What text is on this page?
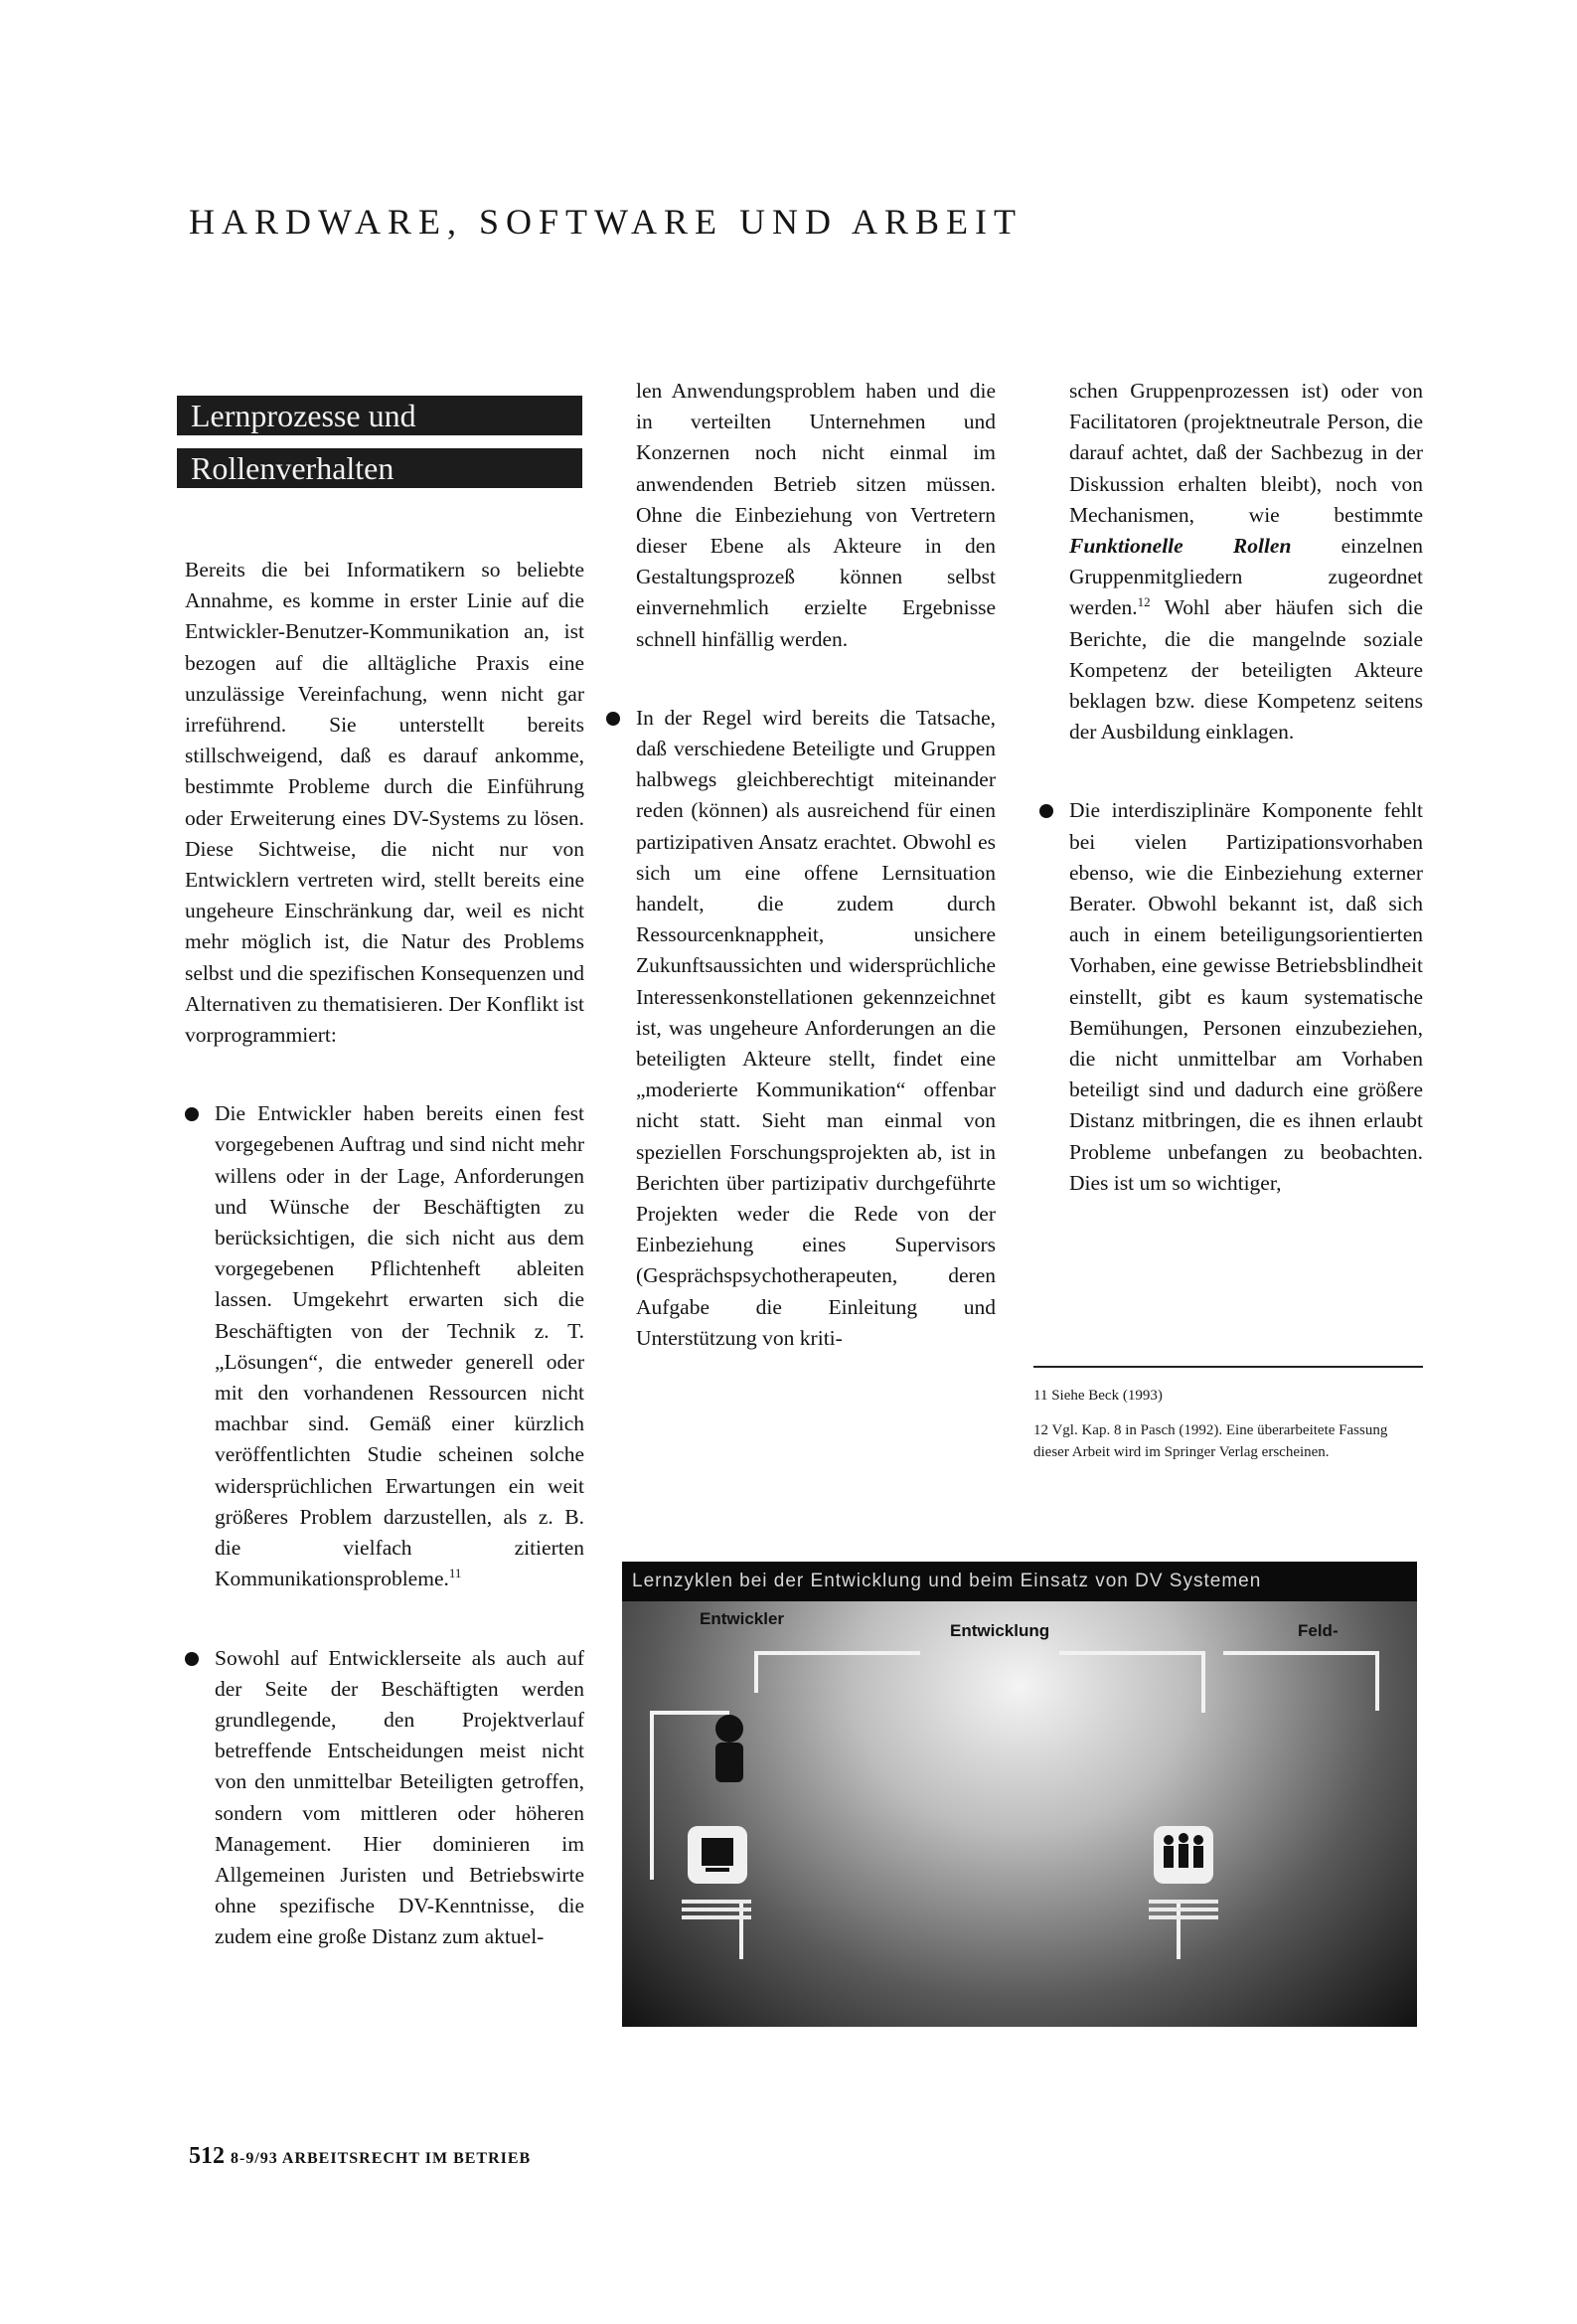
HARDWARE, SOFTWARE UND ARBEIT
Lernprozesse und
Rollenverhalten

Bereits die bei Informatikern so beliebte Annahme, es komme in erster Linie auf die Entwickler-Benutzer-Kommunikation an, ist bezogen auf die alltägliche Praxis eine unzulässige Vereinfachung, wenn nicht gar irreführend. Sie unterstellt bereits stillschweigend, daß es darauf ankomme, bestimmte Probleme durch die Einführung oder Erweiterung eines DV-Systems zu lösen. Diese Sichtweise, die nicht nur von Entwicklern vertreten wird, stellt bereits eine ungeheure Einschränkung dar, weil es nicht mehr möglich ist, die Natur des Problems selbst und die spezifischen Konsequenzen und Alternativen zu thematisieren. Der Konflikt ist vorprogrammiert:

Die Entwickler haben bereits einen fest vorgegebenen Auftrag und sind nicht mehr willens oder in der Lage, Anforderungen und Wünsche der Beschäftigten zu berücksichtigen, die sich nicht aus dem vorgegebenen Pflichtenheft ableiten lassen. Umgekehrt erwarten sich die Beschäftigten von der Technik z. T. „Lösungen“, die entweder generell oder mit den vorhandenen Ressourcen nicht machbar sind. Gemäß einer kürzlich veröffentlichten Studie scheinen solche widersprüchlichen Erwartungen ein weit größeres Problem darzustellen, als z. B. die vielfach zitierten Kommunikationsprobleme.$^{11}$
Sowohl auf Entwicklerseite als auch auf der Seite der Beschäftigten werden grundlegende, den Projektverlauf betreffende Entscheidungen meist nicht von den unmittelbar Beteiligten getroffen, sondern vom mittleren oder höheren Management. Hier dominieren im Allgemeinen Juristen und Betriebswirte ohne spezifische DV-Kenntnisse, die zudem eine große Distanz zum aktuel-

len Anwendungsproblem haben und die in verteilten Unternehmen und Konzernen noch nicht einmal im anwendenden Betrieb sitzen müssen. Ohne die Einbeziehung von Vertretern dieser Ebene als Akteure in den Gestaltungsprozeß können selbst einvernehmlich erzielte Ergebnisse schnell hinfällig werden.

In der Regel wird bereits die Tatsache, daß verschiedene Beteiligte und Gruppen halbwegs gleichberechtigt miteinander reden (können) als ausreichend für einen partizipativen Ansatz erachtet. Obwohl es sich um eine offene Lernsituation handelt, die zudem durch Ressourcenknappheit, unsichere Zukunftsaussichten und widersprüchliche Interessenkonstellationen gekennzeichnet ist, was ungeheure Anforderungen an die beteiligten Akteure stellt, findet eine „moderierte Kommunikation“ offenbar nicht statt. Sieht man einmal von speziellen Forschungsprojekten ab, ist in Berichten über partizipativ durchgeführte Projekten weder die Rede von der Einbeziehung eines Supervisors (Gesprächspsychotherapeuten, deren Aufgabe die Einleitung und Unterstützung von kriti-

schen Gruppenprozessen ist) oder von Facilitatoren (projektneutrale Person, die darauf achtet, daß der Sachbezug in der Diskussion erhalten bleibt), noch von Mechanismen, wie bestimmte Funktionelle Rollen einzelnen Gruppenmitgliedern zugeordnet werden.$^{12}$ Wohl aber häufen sich die Berichte, die die mangelnde soziale Kompetenz der beteiligten Akteure beklagen bzw. diese Kompetenz seitens der Ausbildung einklagen.

Die interdisziplinäre Komponente fehlt bei vielen Partizipationsvorhaben ebenso, wie die Einbeziehung externer Berater. Obwohl bekannt ist, daß sich auch in einem beteiligungsorientierten Vorhaben, eine gewisse Betriebsblindheit einstellt, gibt es kaum systematische Bemühungen, Personen einzubeziehen, die nicht unmittelbar am Vorhaben beteiligt sind und dadurch eine größere Distanz mitbringen, die es ihnen erlaubt Probleme unbefangen zu beobachten. Dies ist um so wichtiger,
11 Siehe Beck (1993)
12 Vgl. Kap. 8 in Pasch (1992). Eine überarbeitete Fassung dieser Arbeit wird im Springer Verlag erscheinen.
Lernzyklen bei der Entwicklung und beim Einsatz von DV Systemen
Entwickler
Entwicklung	Feld-
512 8-9/93 ARBEITSRECHT IM BETRIEB
